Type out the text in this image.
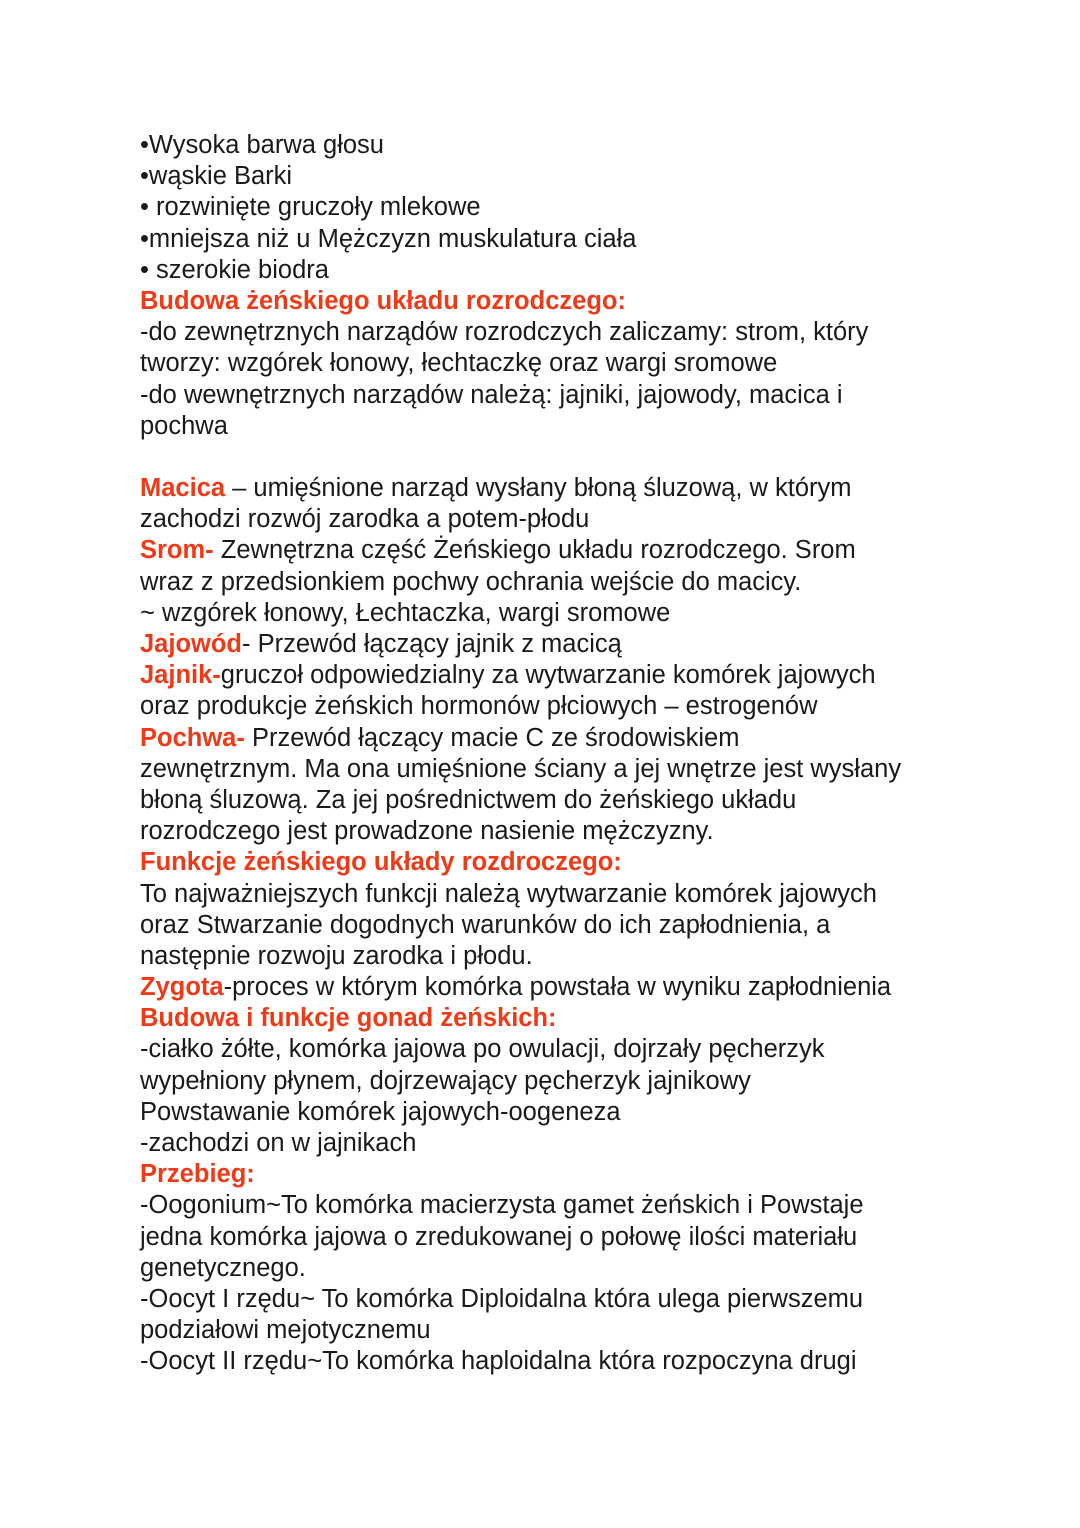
•Wysoka barwa głosu
•wąskie Barki
• rozwinięte gruczoły mlekowe
•mniejsza niż u Mężczyzn muskulatura ciała
• szerokie biodra
Budowa żeńskiego układu rozrodczego:
-do zewnętrznych narządów rozrodczych zaliczamy: strom, który
tworzy: wzgórek łonowy, łechtaczkę oraz wargi sromowe
-do wewnętrznych narządów należą: jajniki, jajowody, macica i
pochwa
Macica – umięśnione narząd wysłany błoną śluzową, w którym
zachodzi rozwój zarodka a potem-płodu
Srom- Zewnętrzna część Żeńskiego układu rozrodczego. Srom
wraz z przedsionkiem pochwy ochrania wejście do macicy.
~ wzgórek łonowy, Łechtaczka, wargi sromowe
Jajowód- Przewód łączący jajnik z macicą
Jajnik-gruczoł odpowiedzialny za wytwarzanie komórek jajowych
oraz produkcje żeńskich hormonów płciowych – estrogenów
Pochwa- Przewód łączący macie C ze środowiskiem
zewnętrznym. Ma ona umięśnione ściany a jej wnętrze jest wysłany
błoną śluzową. Za jej pośrednictwem do żeńskiego układu
rozrodczego jest prowadzone nasienie mężczyzny.
Funkcje żeńskiego układy rozdroczego:
To najważniejszych funkcji należą wytwarzanie komórek jajowych
oraz Stwarzanie dogodnych warunków do ich zapłodnienia, a
następnie rozwoju zarodka i płodu.
Zygota-proces w którym komórka powstała w wyniku zapłodnienia
Budowa i funkcje gonad żeńskich:
-ciałko żółte, komórka jajowa po owulacji, dojrzały pęcherzyk
wypełniony płynem, dojrzewający pęcherzyk jajnikowy
Powstawanie komórek jajowych-oogeneza
-zachodzi on w jajnikach
Przebieg:
-Oogonium~To komórka macierzysta gamet żeńskich i Powstaje
jedna komórka jajowa o zredukowanej o połowę ilości materiału
genetycznego.
-Oocyt I rzędu~ To komórka Diploidalna która ulega pierwszemu
podziałowi mejotycznemu
-Oocyt II rzędu~To komórka haploidalna która rozpoczyna drugi
